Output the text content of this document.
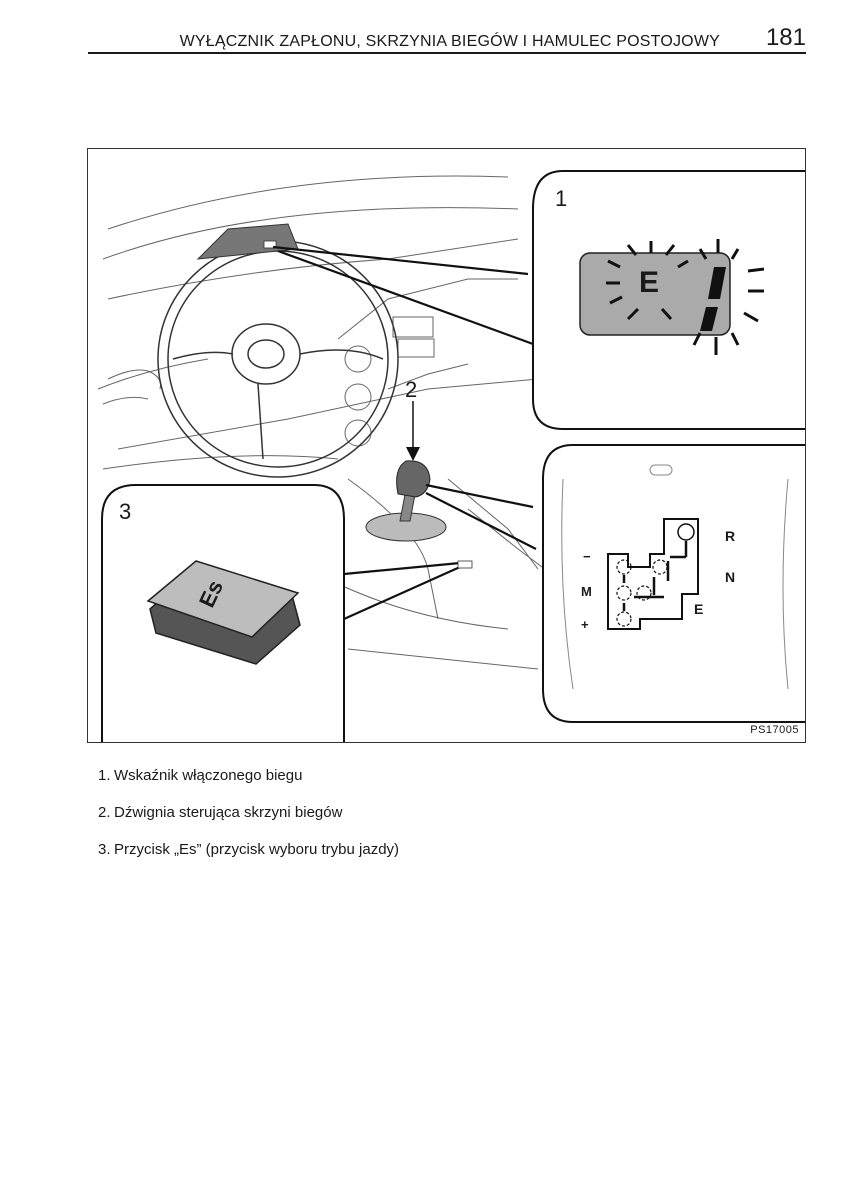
WYŁĄCZNIK ZAPŁONU, SKRZYNIA BIEGÓW I HAMULEC POSTOJOWY 181
1
2
3
E
Es
R
N
E
−
M
+
PS17005
1. Wskaźnik włączonego biegu
2. Dźwignia sterująca skrzyni biegów
3. Przycisk „Es” (przycisk wyboru trybu jazdy)
